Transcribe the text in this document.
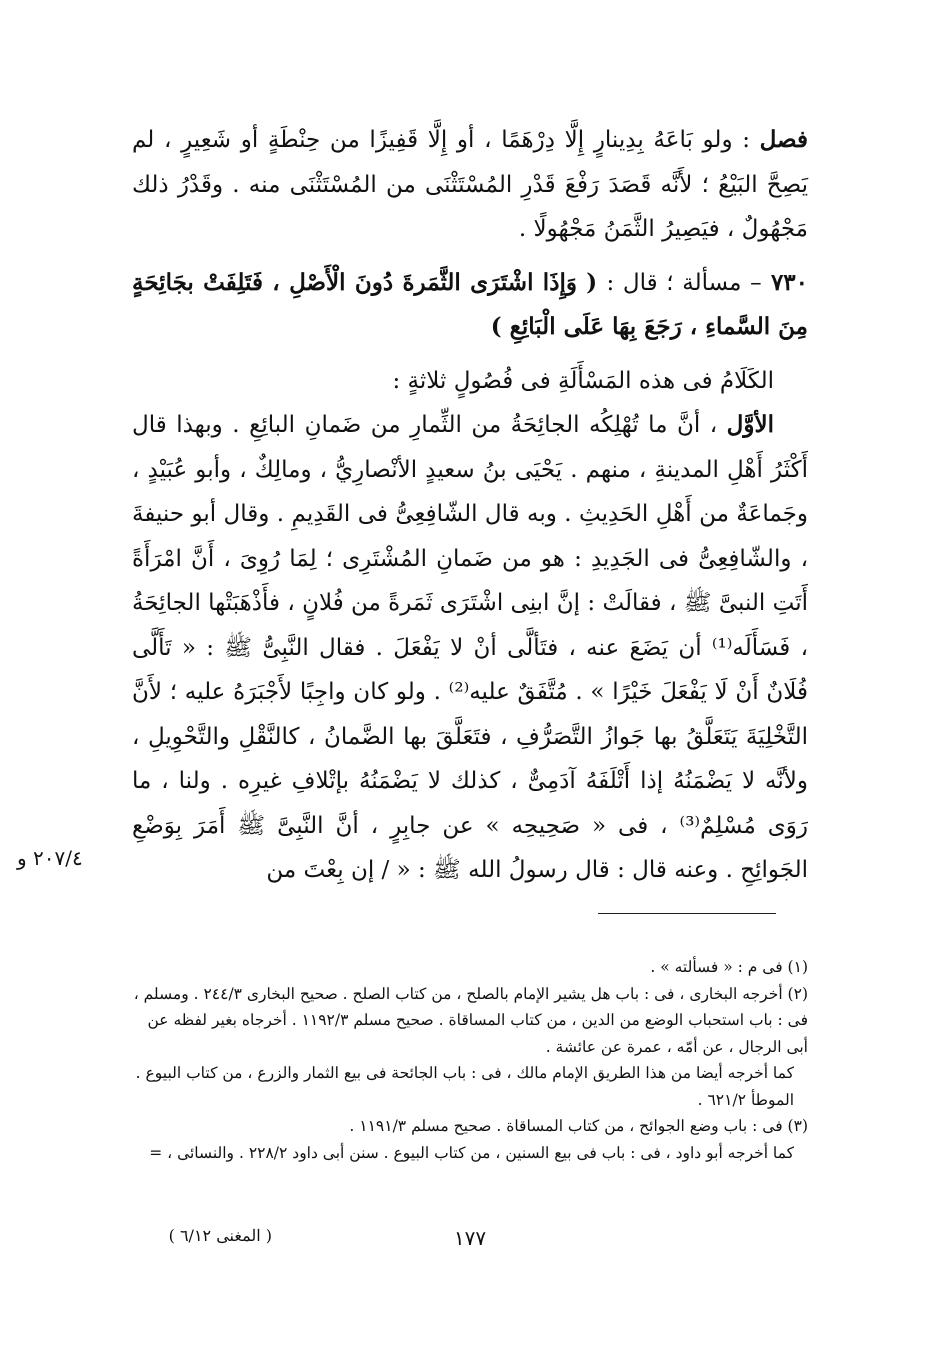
فصل : ولو بَاعَهُ بِدِينارٍ إِلَّا دِرْهَمًا ، أو إِلَّا قَفِيزًا من حِنْطَةٍ أو شَعِيرٍ ، لم يَصِحَّ البَيْعُ ؛ لأَنَّه قَصَدَ رَفْعَ قَدْرِ المُسْتَثْنَى من المُسْتَثْنَى منه . وقَدْرُ ذلك مَجْهُولٌ ، فيَصِيرُ الثَّمَنُ مَجْهُولًا .

٧٣٠ – مسألة ؛ قال : ( وَإِذَا اشْتَرَى الثَّمَرةَ دُونَ الْأَصْلِ ، فَتَلِفَتْ بجَائِحَةٍ مِنَ السَّماءِ ، رَجَعَ بِهَا عَلَى الْبَائِعِ )

الكَلَامُ فى هذه المَسْأَلَةِ فى فُصُولٍ ثلاثةٍ :

الأوَّل ، أنَّ ما تُهْلِكُه الجائِحَةُ من الثِّمارِ من ضَمانِ البائِعِ . وبهذا قال أَكْثَرُ أَهْلِ المدينةِ ، منهم . يَحْيَى بنُ سعيدٍ الأنْصارِيُّ ، ومالِكٌ ، وأبو عُبَيْدٍ ، وجَماعَةٌ من أَهْلِ الحَدِيثِ . وبه قال الشّافِعِىُّ فى القَدِيمِ . وقال أبو حنيفةَ ، والشّافِعِىُّ فى الجَدِيدِ : هو من ضَمانِ المُشْتَرِى ؛ لِمَا رُوِىَ ، أَنَّ امْرَأَةً أَتَتِ النبىَّ ﷺ ، فقالَتْ : إنَّ ابنِى اشْتَرَى ثَمَرةً من فُلانٍ ، فأَذْهَبَتْها الجائِحَةُ ، فَسَأَلَه⁽¹⁾ أن يَضَعَ عنه ، فتَألَّى أنْ لا يَفْعَلَ . فقال النَّبِىُّ ﷺ : « تَأَلَّى فُلَانٌ أَنْ لَا يَفْعَلَ خَيْرًا » . مُتَّفَقٌ عليه⁽²⁾ . ولو كان واجِبًا لأَجْبَرَهُ عليه ؛ لأَنَّ التَّخْلِيَةَ يَتَعَلَّقُ بها جَوازُ التَّصَرُّفِ ، فتَعَلَّقَ بها الضَّمانُ ، كالنَّقْلِ والتَّحْوِيلِ ، ولأنَّه لا يَضْمَنُهُ إذا أَتْلَفَهُ آدَمِىٌّ ، كذلك لا يَضْمَنُهُ بإتْلافِ غيرِه . ولنا ، ما رَوَى مُسْلِمٌ⁽³⁾ ، فى « صَحِيحِه » عن جابِرٍ ، أنَّ النَّبِىَّ ﷺ أَمَرَ بِوَضْعِ الجَوائِحِ . وعنه قال : قال رسولُ الله ﷺ : « / إن بِعْتَ من

٢٠٧/٤ و

(١) فى م : « فسألته » .

(٢) أخرجه البخارى ، فى : باب هل يشير الإمام بالصلح ، من كتاب الصلح . صحيح البخارى ٢٤٤/٣ . ومسلم ، فى : باب استحباب الوضع من الدين ، من كتاب المساقاة . صحيح مسلم ١١٩٢/٣ . أخرجاه بغير لفظه عن أبى الرجال ، عن أمّه ، عمرة عن عائشة .

كما أخرجه أيضا من هذا الطريق الإمام مالك ، فى : باب الجائحة فى بيع الثمار والزرع ، من كتاب البيوع . الموطأ ٦٢١/٢ .

(٣) فى : باب وضع الجوائح ، من كتاب المساقاة . صحيح مسلم ١١٩١/٣ .

كما أخرجه أبو داود ، فى : باب فى بيع السنين ، من كتاب البيوع . سنن أبى داود ٢٢٨/٢ . والنسائى ، =

١٧٧
( المغنى ٦/١٢ )
